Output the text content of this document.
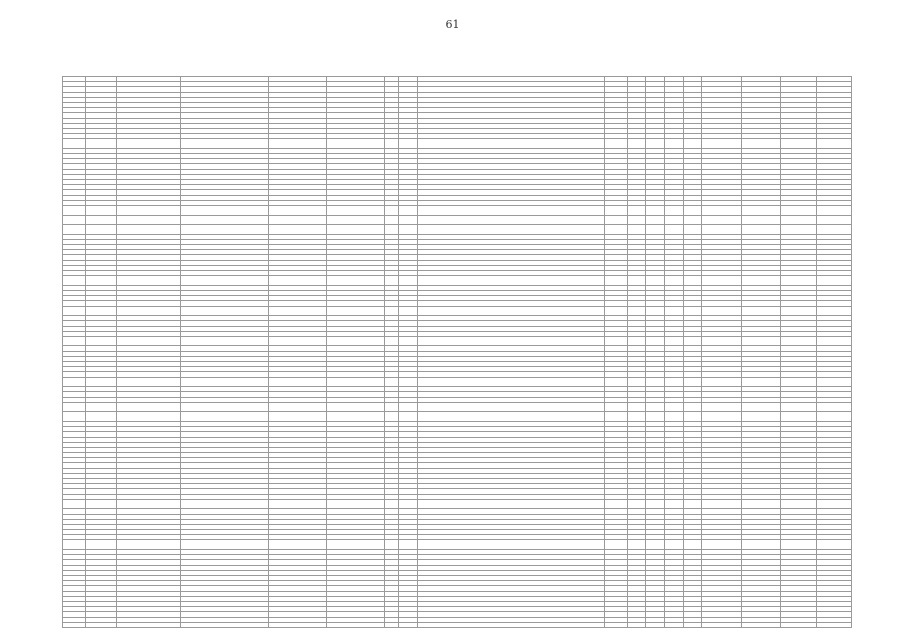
61
